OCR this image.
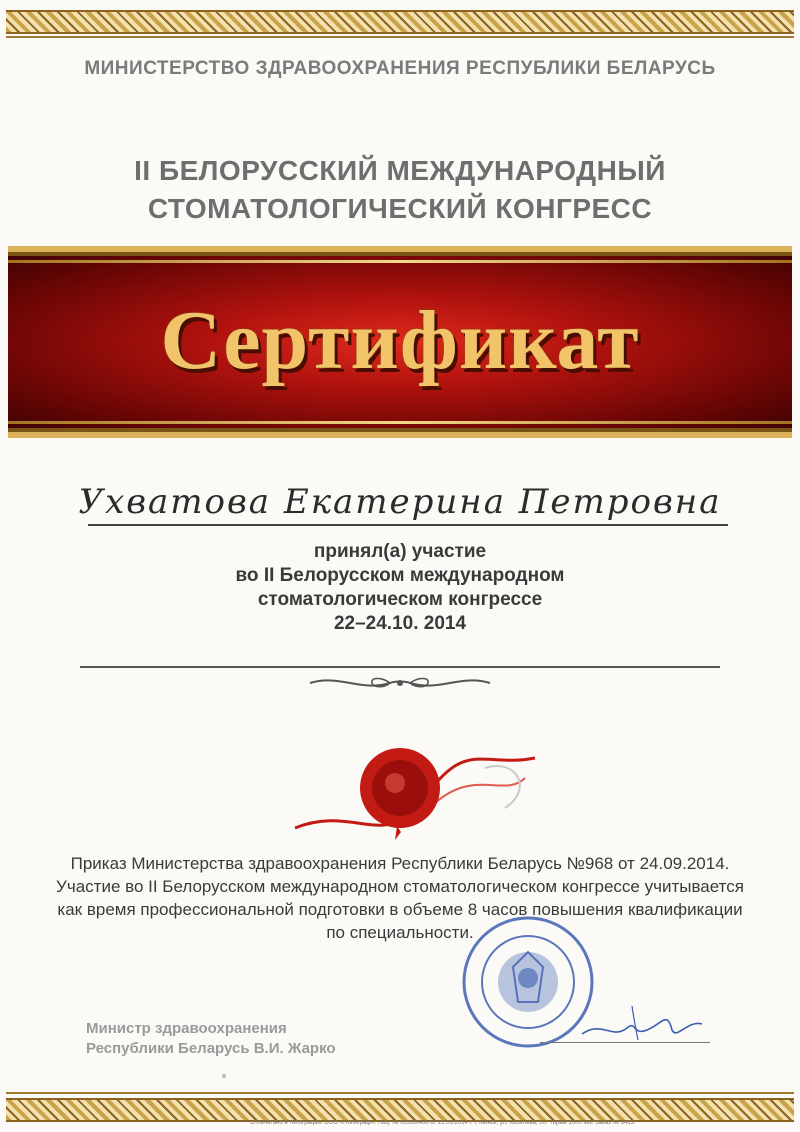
МИНИСТЕРСТВО ЗДРАВООХРАНЕНИЯ РЕСПУБЛИКИ БЕЛАРУСЬ
II БЕЛОРУССКИЙ МЕЖДУНАРОДНЫЙ
СТОМАТОЛОГИЧЕСКИЙ КОНГРЕСС
Сертификат
Ухватова Екатерина Петровна
принял(а) участие
во II Белорусском международном
стоматологическом конгрессе
22–24.10. 2014

Приказ Министерства здравоохранения Республики Беларусь №968 от 24.09.2014.

Участие во II Белорусском международном стоматологическом конгрессе учитывается

как время профессиональной подготовки в объеме 8 часов повышения квалификации

по специальности.

Министр здравоохранения
Республики Беларусь В.И. Жарко
Отпечатано в типографии ООО «Полиграф». Лиц. № 02330/466 от 21.06.2014 г. г. Минск, ул. Кисилёва, 50. Тираж 1000 экз. Заказ № 3419.
